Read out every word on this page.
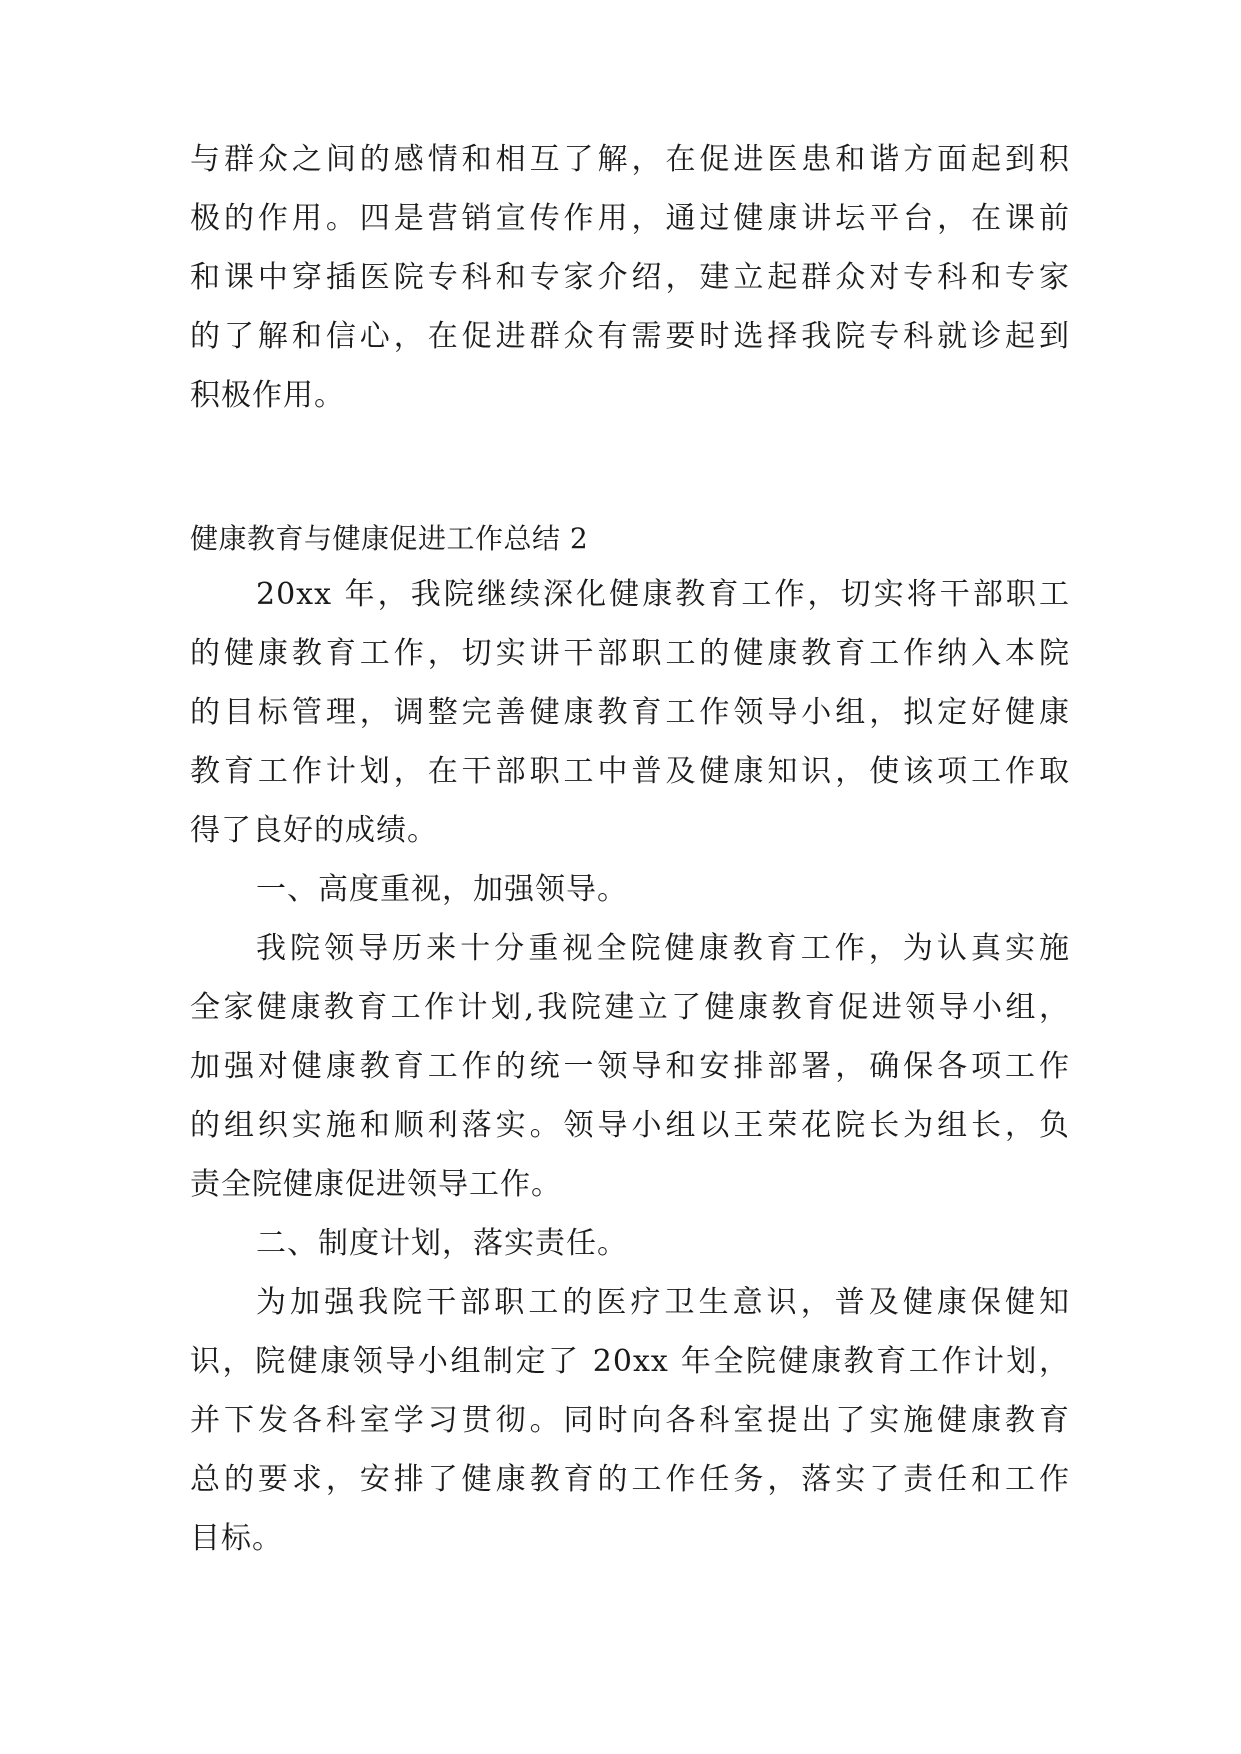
与群众之间的感情和相互了解，在促进医患和谐方面起到积
极的作用。四是营销宣传作用，通过健康讲坛平台，在课前
和课中穿插医院专科和专家介绍，建立起群众对专科和专家
的了解和信心，在促进群众有需要时选择我院专科就诊起到
积极作用。
健康教育与健康促进工作总结 2
20xx 年，我院继续深化健康教育工作，切实将干部职工
的健康教育工作，切实讲干部职工的健康教育工作纳入本院
的目标管理，调整完善健康教育工作领导小组，拟定好健康
教育工作计划，在干部职工中普及健康知识，使该项工作取
得了良好的成绩。
一、高度重视，加强领导。
我院领导历来十分重视全院健康教育工作，为认真实施
全家健康教育工作计划,我院建立了健康教育促进领导小组，
加强对健康教育工作的统一领导和安排部署，确保各项工作
的组织实施和顺利落实。领导小组以王荣花院长为组长，负
责全院健康促进领导工作。
二、制度计划，落实责任。
为加强我院干部职工的医疗卫生意识，普及健康保健知
识，院健康领导小组制定了 20xx 年全院健康教育工作计划，
并下发各科室学习贯彻。同时向各科室提出了实施健康教育
总的要求，安排了健康教育的工作任务，落实了责任和工作
目标。
